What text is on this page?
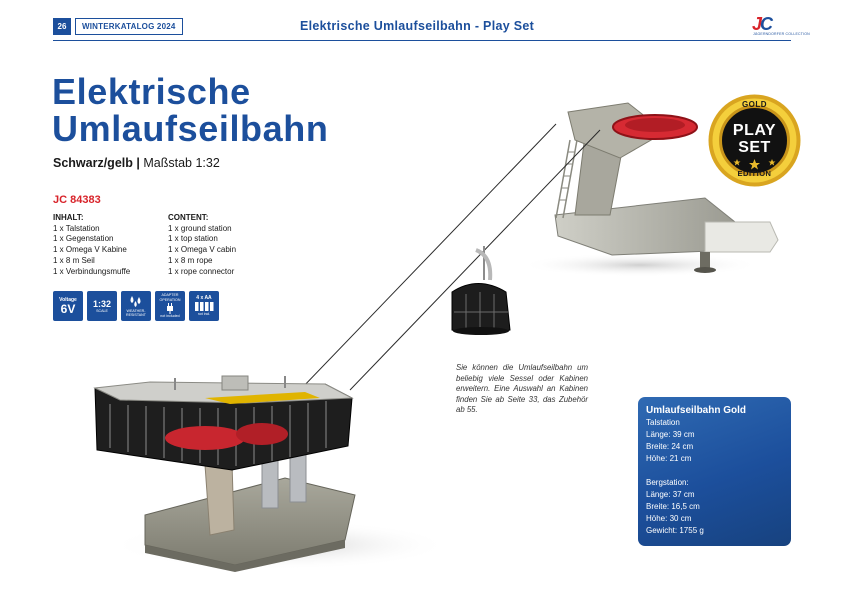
26	WINTERKATALOG 2024	Elektrische Umlaufseilbahn - Play Set	JC
JÄGERNDORFER COLLECTION
Elektrische
Umlaufseilbahn
Schwarz/gelb | Maßstab 1:32
JC 84383
INHALT:
1 x Talstation
1 x Gegenstation
1 x Omega V Kabine
1 x 8 m Seil
1 x Verbindungsmuffe
CONTENT:
1 x ground station
1 x top station
1 x Omega V cabin
1 x 8 m rope
1 x rope connector
Voltage
6V 1:32
SCALE	WEATHER-RESISTANT
ADAPTER OPERATION
not included
4 x AA
not incl.
GOLD
PLAY
SET
EDITION
Sie können die Umlaufseilbahn um beliebig viele Sessel oder Kabinen erweitern. Eine Auswahl an Kabinen finden Sie ab Seite 33, das Zubehör ab 55.	Umlaufseilbahn Gold
Talstation
Länge: 39 cm
Breite: 24 cm
Höhe: 21 cm
Bergstation:
Länge: 37 cm
Breite: 16,5 cm
Höhe: 30 cm
Gewicht: 1755 g
